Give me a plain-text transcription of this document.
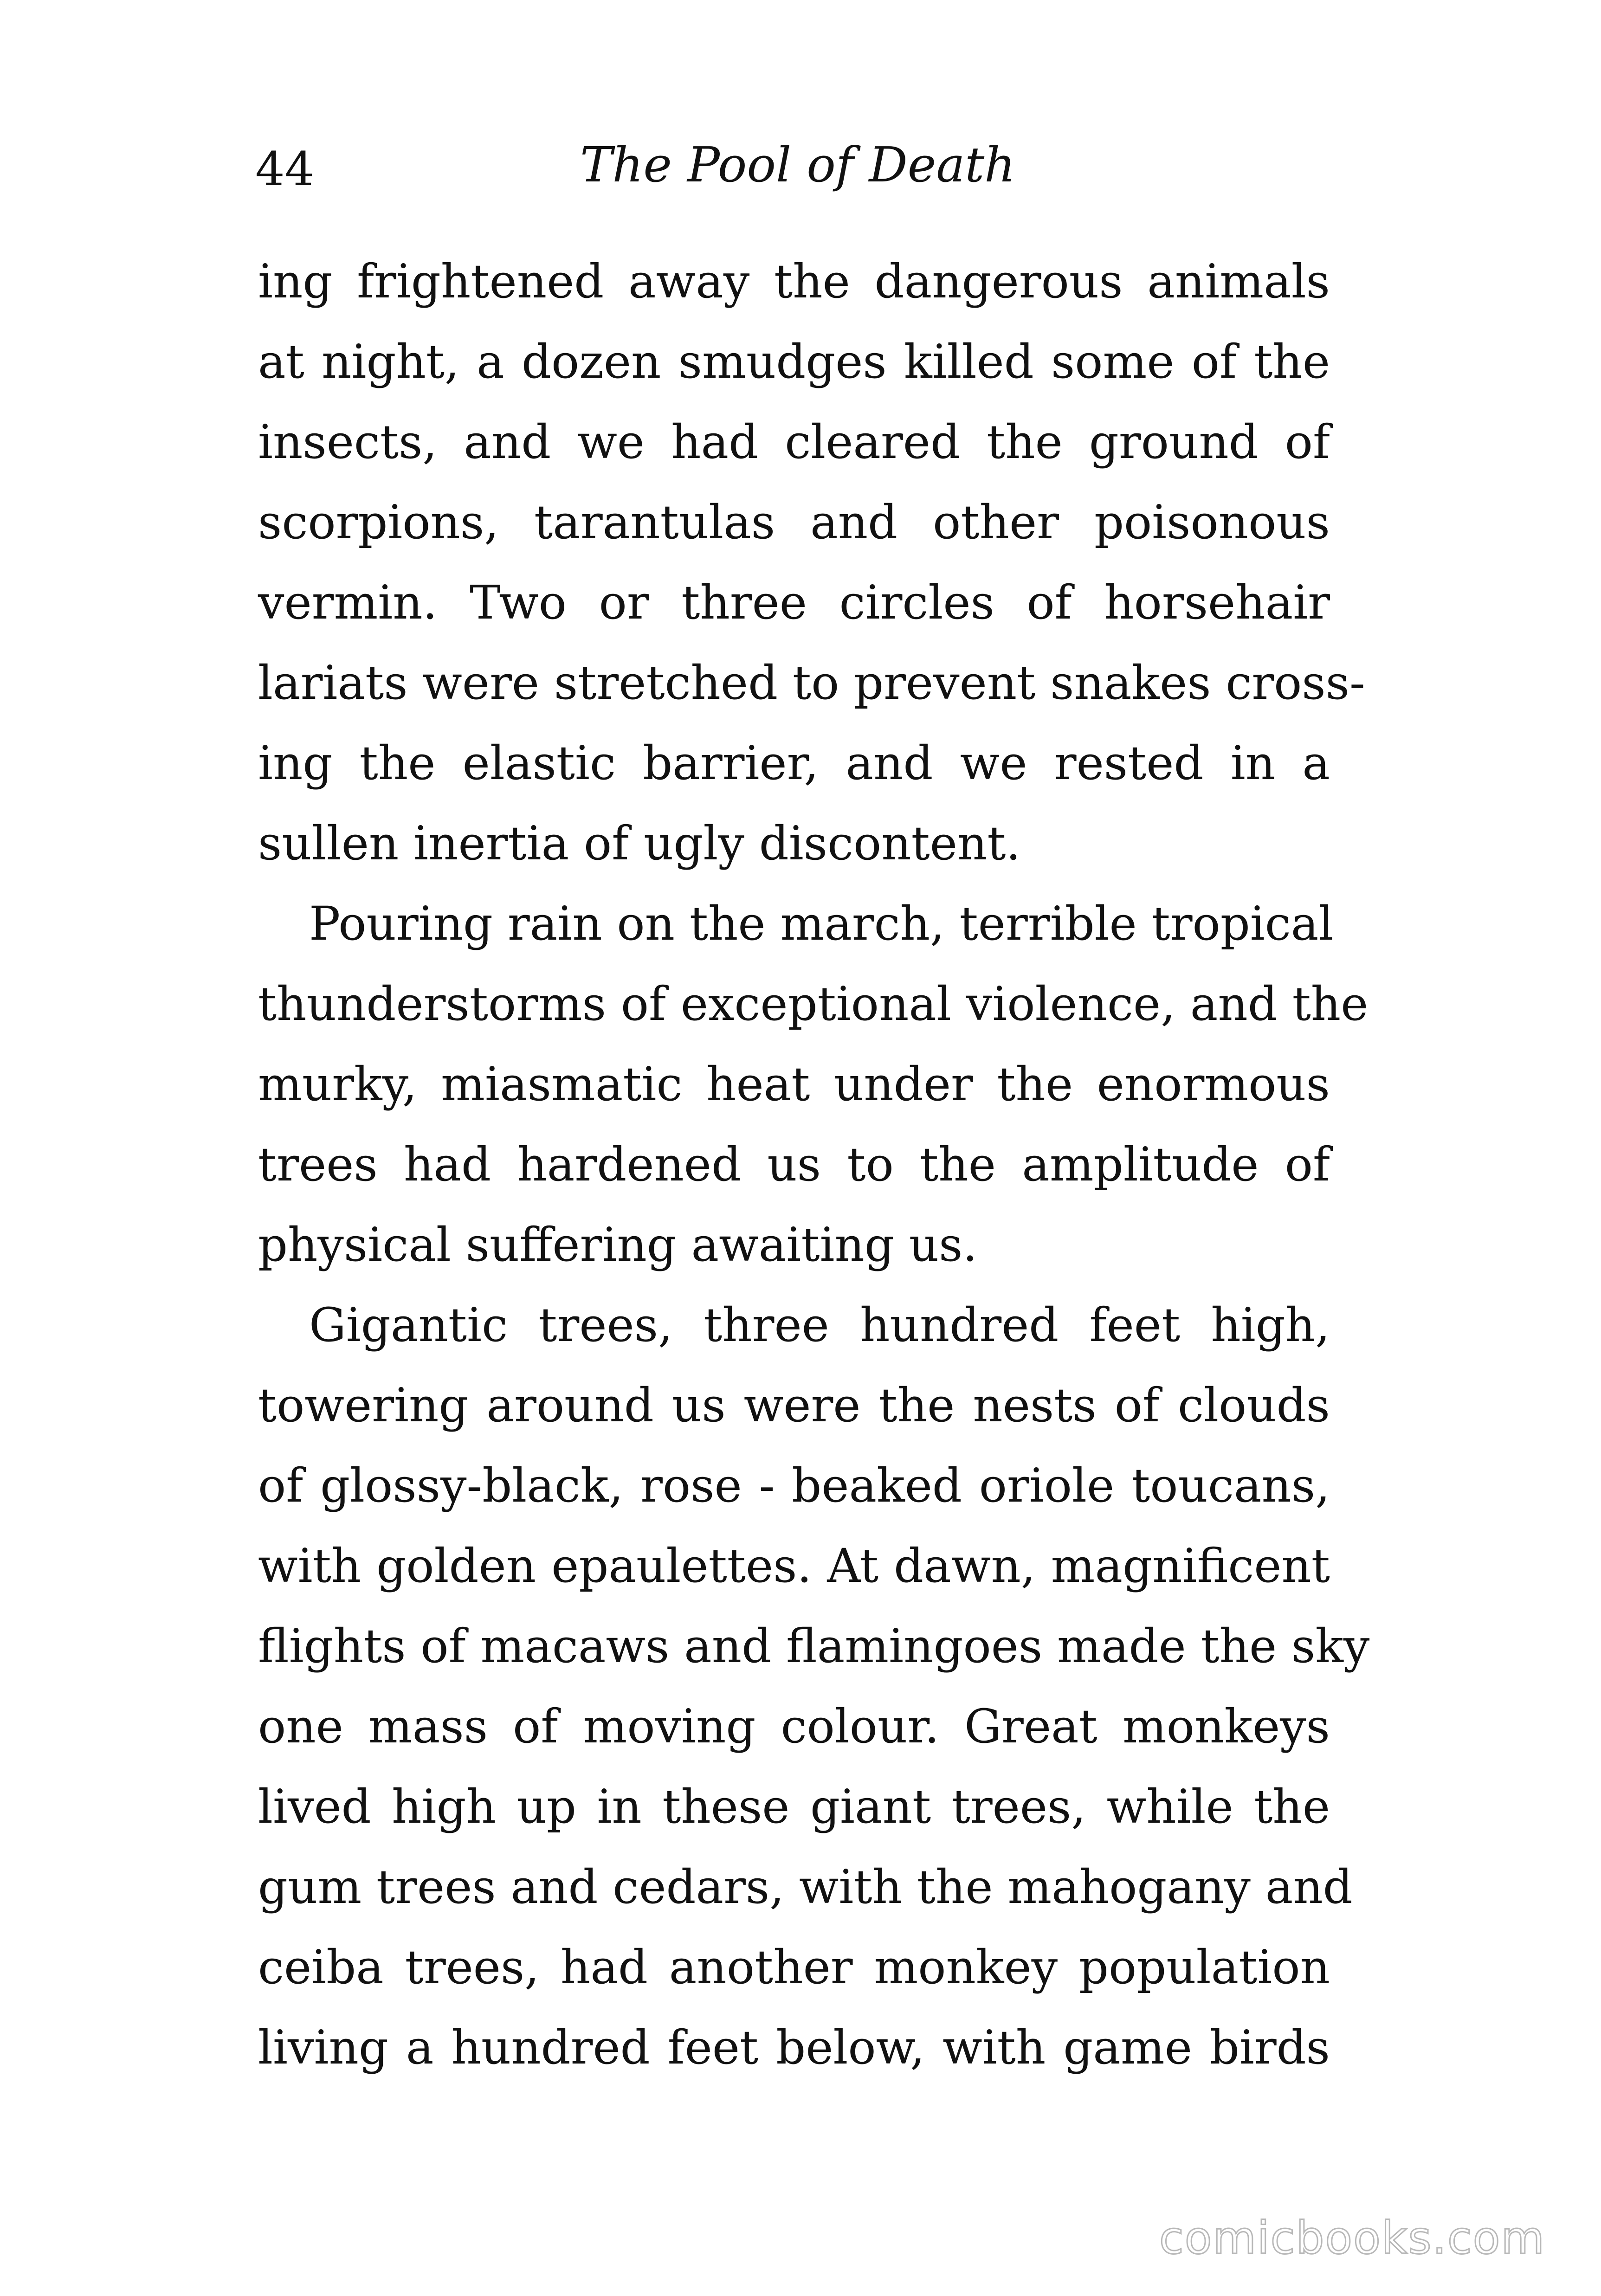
44	The Pool of Death
ing frightened away the dangerous animals
at night, a dozen smudges killed some of the
insects, and we had cleared the ground of
scorpions, tarantulas and other poisonous
vermin. Two or three circles of horsehair
lariats were stretched to prevent snakes cross-
ing the elastic barrier, and we rested in a
sullen inertia of ugly discontent.
Pouring rain on the march, terrible tropical
thunderstorms of exceptional violence, and the
murky, miasmatic heat under the enormous
trees had hardened us to the amplitude of
physical suffering awaiting us.
Gigantic trees, three hundred feet high,
towering around us were the nests of clouds
of glossy-black, rose - beaked oriole toucans,
with golden epaulettes. At dawn, magnificent
flights of macaws and flamingoes made the sky
one mass of moving colour. Great monkeys
lived high up in these giant trees, while the
gum trees and cedars, with the mahogany and
ceiba trees, had another monkey population
living a hundred feet below, with game birds
comicbooks.com
